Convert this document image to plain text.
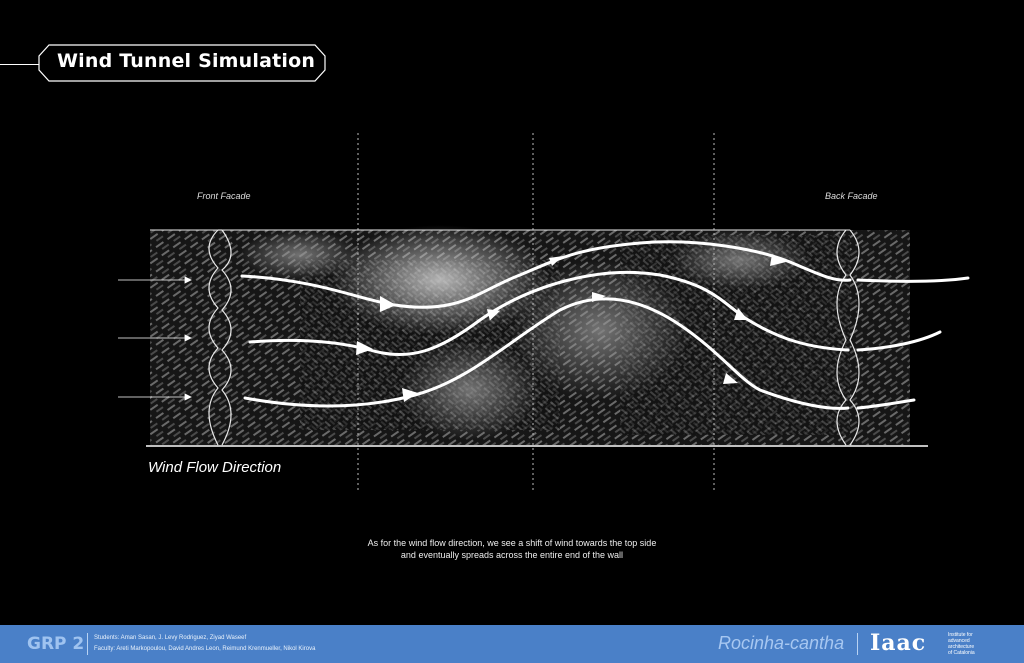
Wind Tunnel Simulation
Front Facade	Back Facade
Wind Flow Direction
As for the wind flow direction, we see a shift of wind towards the top side
and eventually spreads across the entire end of the wall
GRP 2 Students: Aman Sasan, J. Levy Rodriguez, Ziyad Waseef
Faculty: Areti Markopoulou, David Andres Leon, Reimund Krenmueller, Nikol Kirova	Rocinha-cantha Iaac	Institute for
advanced
architecture
of Catalonia
